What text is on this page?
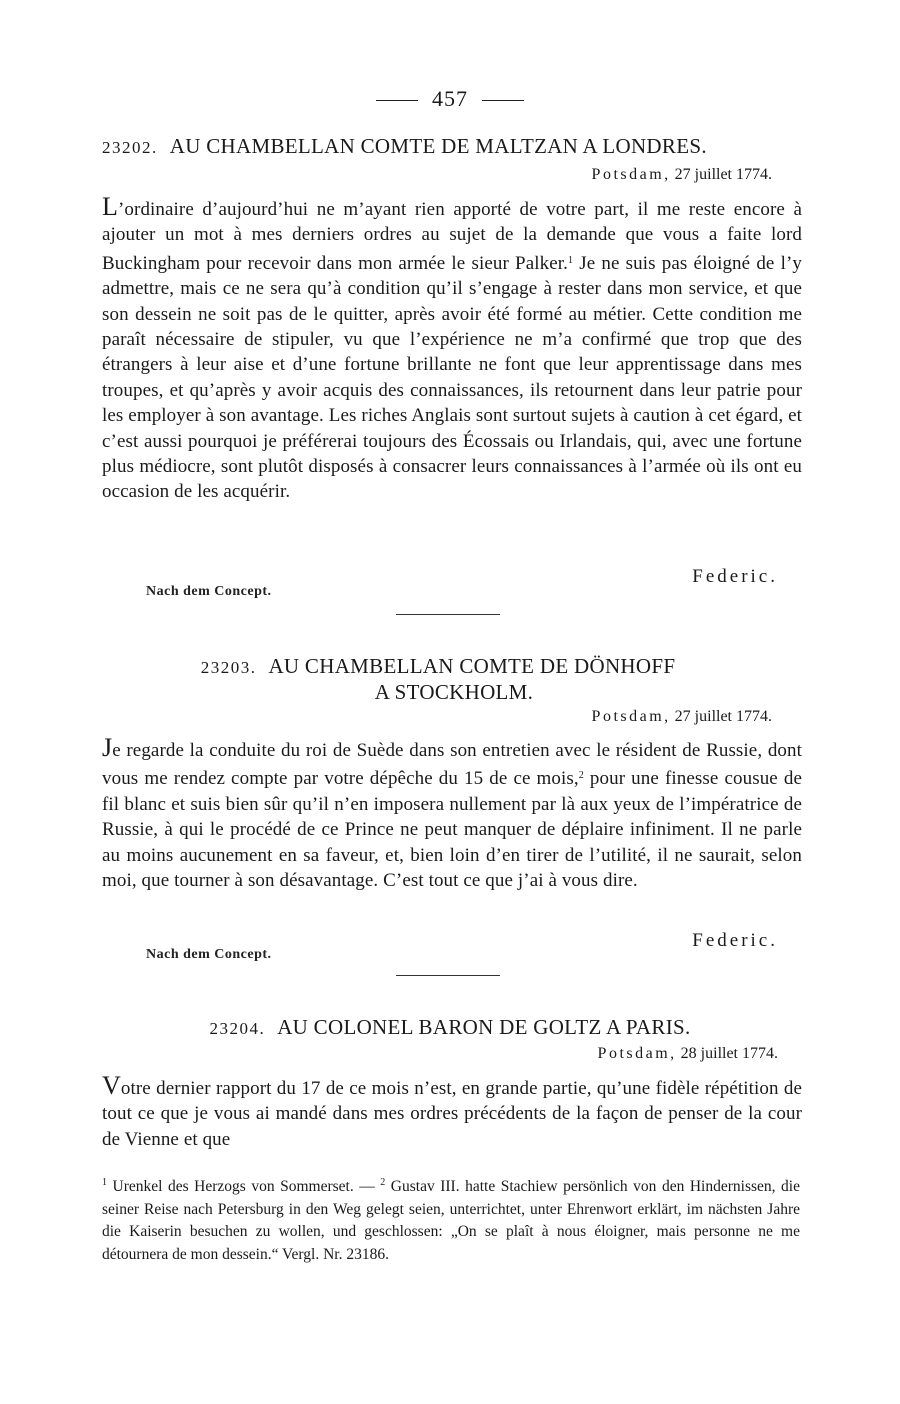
457
23202. AU CHAMBELLAN COMTE DE MALTZAN A LONDRES.
Potsdam, 27 juillet 1774.

L’ordinaire d’aujourd’hui ne m’ayant rien apporté de votre part, il me reste encore à ajouter un mot à mes derniers ordres au sujet de la demande que vous a faite lord Buckingham pour recevoir dans mon armée le sieur Palker.$^1$ Je ne suis pas éloigné de l’y admettre, mais ce ne sera qu’à condition qu’il s’engage à rester dans mon service, et que son dessein ne soit pas de le quitter, après avoir été formé au métier. Cette condition me paraît nécessaire de stipuler, vu que l’expérience ne m’a confirmé que trop que des étrangers à leur aise et d’une fortune brillante ne font que leur apprentissage dans mes troupes, et qu’après y avoir acquis des connaissances, ils retournent dans leur patrie pour les employer à son avantage. Les riches Anglais sont surtout sujets à caution à cet égard, et c’est aussi pourquoi je préférerai toujours des Écossais ou Irlandais, qui, avec une fortune plus médiocre, sont plutôt disposés à consacrer leurs connaissances à l’armée où ils ont eu occasion de les acquérir.

Federic.
Nach dem Concept.
23203. AU CHAMBELLAN COMTE DE DÖNHOFF
A STOCKHOLM.
Potsdam, 27 juillet 1774.

Je regarde la conduite du roi de Suède dans son entretien avec le résident de Russie, dont vous me rendez compte par votre dépêche du 15 de ce mois,$^2$ pour une finesse cousue de fil blanc et suis bien sûr qu’il n’en imposera nullement par là aux yeux de l’impératrice de Russie, à qui le procédé de ce Prince ne peut manquer de déplaire infiniment. Il ne parle au moins aucunement en sa faveur, et, bien loin d’en tirer de l’utilité, il ne saurait, selon moi, que tourner à son désavantage. C’est tout ce que j’ai à vous dire.

Federic.
Nach dem Concept.
23204. AU COLONEL BARON DE GOLTZ A PARIS.
Potsdam, 28 juillet 1774.

Votre dernier rapport du 17 de ce mois n’est, en grande partie, qu’une fidèle répétition de tout ce que je vous ai mandé dans mes ordres précédents de la façon de penser de la cour de Vienne et que

$^1$ Urenkel des Herzogs von Sommerset. — $^2$ Gustav III. hatte Stachiew persönlich von den Hindernissen, die seiner Reise nach Petersburg in den Weg gelegt seien, unterrichtet, unter Ehrenwort erklärt, im nächsten Jahre die Kaiserin besuchen zu wollen, und geschlossen: „On se plaît à nous éloigner, mais personne ne me détournera de mon dessein.“ Vergl. Nr. 23186.
